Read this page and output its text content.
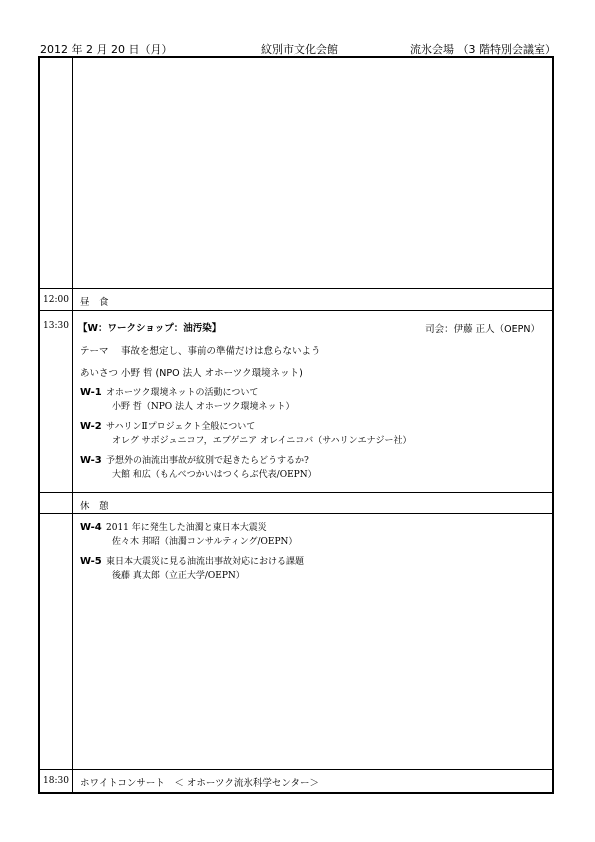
2012 年 2 月 20 日（月）	紋別市文化会館	流氷会場 （3 階特別会議室）
12:00	昼　食
13:30 【W：ワークショップ：油汚染】	司会：伊藤 正人（OEPN）
テーマ　 事故を想定し、事前の準備だけは怠らないよう
あいさつ 小野 哲 (NPO 法人 オホーツク環境ネット)
W-1 オホーツク環境ネットの活動について
小野 哲（NPO 法人 オホーツク環境ネット）
W-2 サハリンⅡプロジェクト全般について
オレグ サボジュニコフ，エブゲニア オレイニコバ（サハリンエナジー社）
W-3 予想外の油流出事故が紋別で起きたらどうするか?
大館 和広（もんべつかいはつくらぶ代表/OEPN）
休　憩
W-4 2011 年に発生した油濁と東日本大震災
佐々木 邦昭（油濁コンサルティング/OEPN）
W-5 東日本大震災に見る油流出事故対応における課題
後藤 真太郎（立正大学/OEPN）
18:30	ホワイトコンサート　＜ オホーツク流氷科学センター＞
